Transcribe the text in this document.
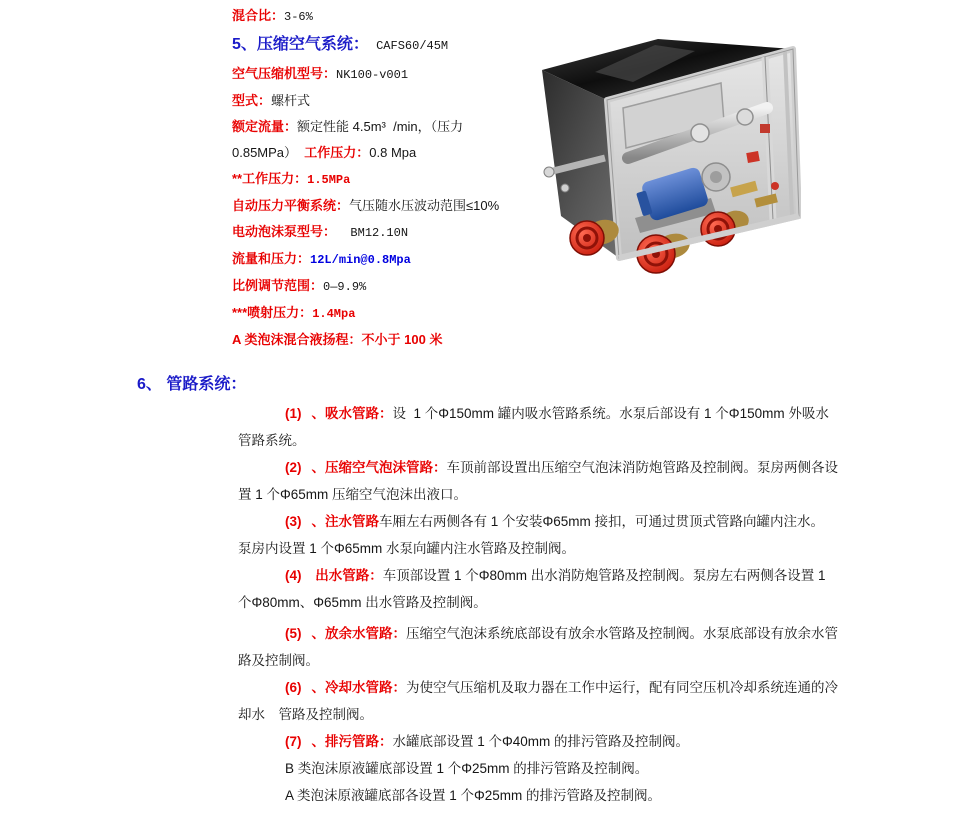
混合比：3-6%
5、压缩空气系统： CAFS60/45M
空气压缩机型号：NK100-v001
型式：螺杆式
额定流量：额定性能 4.5m³  /min，（压力
0.85MPa）  工作压力：0.8 Mpa
**工作压力：1.5MPa
自动压力平衡系统：气压随水压波动范围≤10%
电动泡沫泵型号：  BM12.10N
流量和压力：12L/min@0.8Mpa
比例调节范围：0—9.9%
***喷射压力：1.4Mpa
A 类泡沫混合液扬程：不小于 100 米
6、 管路系统：

(1) 、吸水管路：设  1 个Φ150mm 罐内吸水管路系统。水泵后部设有 1 个Φ150mm 外吸水管路系统。

(2) 、压缩空气泡沫管路：车顶前部设置出压缩空气泡沫消防炮管路及控制阀。泵房两侧各设置 1 个Φ65mm 压缩空气泡沫出液口。

(3) 、注水管路车厢左右两侧各有 1 个安装Φ65mm 接扣，可通过贯顶式管路向罐内注水。　泵房内设置 1 个Φ65mm 水泵向罐内注水管路及控制阀。

(4) 出水管路：车顶部设置 1 个Φ80mm 出水消防炮管路及控制阀。泵房左右两侧各设置 1 个Φ80mm、Φ65mm 出水管路及控制阀。

(5) 、放余水管路：压缩空气泡沫系统底部设有放余水管路及控制阀。水泵底部设有放余水管路及控制阀。

(6) 、冷却水管路：为使空气压缩机及取力器在工作中运行，配有同空压机冷却系统连通的冷却水　管路及控制阀。

(7) 、排污管路：水罐底部设置 1 个Φ40mm 的排污管路及控制阀。

B 类泡沫原液罐底部设置 1 个Φ25mm 的排污管路及控制阀。

A 类泡沫原液罐底部各设置 1 个Φ25mm 的排污管路及控制阀。
